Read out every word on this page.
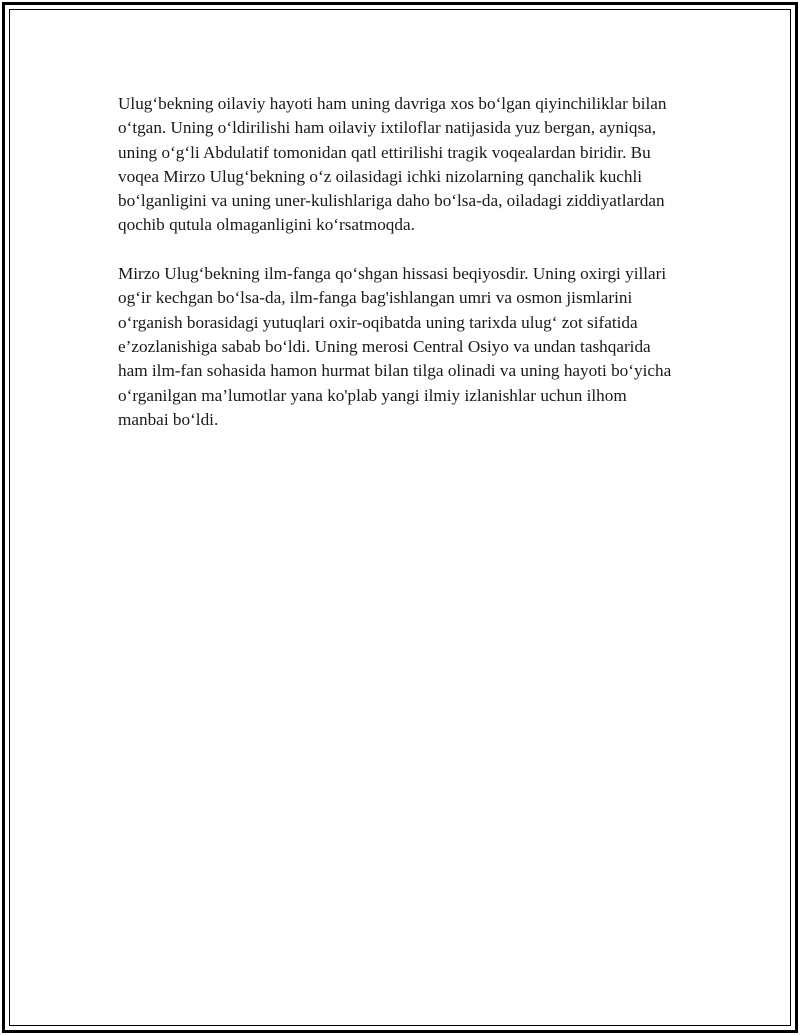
Ulug‘bekning oilaviy hayoti ham uning davriga xos bo‘lgan qiyinchiliklar bilan o‘tgan. Uning o‘ldirilishi ham oilaviy ixtiloflar natijasida yuz bergan, ayniqsa, uning o‘g‘li Abdulatif tomonidan qatl ettirilishi tragik voqealardan biridir. Bu voqea Mirzo Ulug‘bekning o‘z oilasidagi ichki nizolarning qanchalik kuchli bo‘lganligini va uning uner-kulishlariga daho bo‘lsa-da, oiladagi ziddiyatlardan qochib qutula olmaganligini ko‘rsatmoqda.

Mirzo Ulug‘bekning ilm-fanga qo‘shgan hissasi beqiyosdir. Uning oxirgi yillari og‘ir kechgan bo‘lsa-da, ilm-fanga bag'ishlangan umri va osmon jismlarini o‘rganish borasidagi yutuqlari oxir-oqibatda uning tarixda ulug‘ zot sifatida e’zozlanishiga sabab bo‘ldi. Uning merosi Central Osiyo va undan tashqarida ham ilm-fan sohasida hamon hurmat bilan tilga olinadi va uning hayoti bo‘yicha o‘rganilgan ma’lumotlar yana ko'plab yangi ilmiy izlanishlar uchun ilhom manbai bo‘ldi.
